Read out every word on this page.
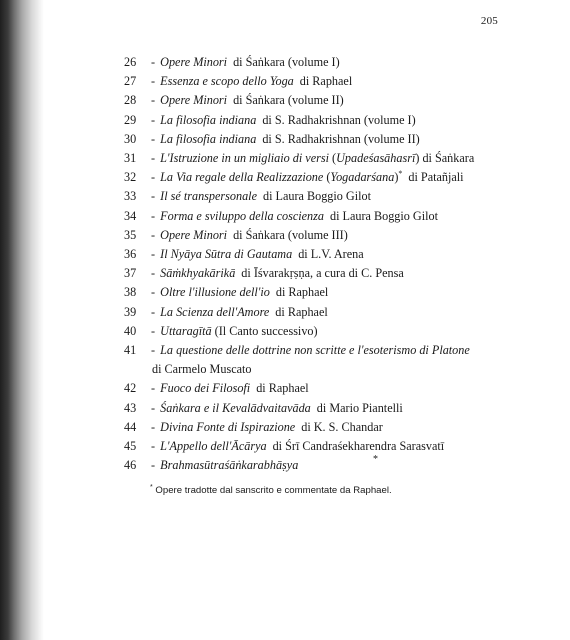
205
26 - Opere Minori di Śaṅkara (volume I)
27 - Essenza e scopo dello Yoga di Raphael
28 - Opere Minori di Śaṅkara (volume II)
29 - La filosofia indiana di S. Radhakrishnan (volume I)
30 - La filosofia indiana di S. Radhakrishnan (volume II)
31 - L'Istruzione in un migliaio di versi (Upadeśasāhasrī) di Śaṅkara
32 - La Via regale della Realizzazione (Yogadarśana)* di Patañjali
33 - Il sé transpersonale di Laura Boggio Gilot
34 - Forma e sviluppo della coscienza di Laura Boggio Gilot
35 - Opere Minori di Śaṅkara (volume III)
36 - Il Nyāya Sūtra di Gautama di L.V. Arena
37 - Sāṁkhyakārikā di Īśvarakṛṣṇa, a cura di C. Pensa
38 - Oltre l'illusione dell'io di Raphael
39 - La Scienza dell'Amore di Raphael
40 - Uttaragītā (Il Canto successivo)
41 - La questione delle dottrine non scritte e l'esoterismo di Platone
di Carmelo Muscato
42 - Fuoco dei Filosofi di Raphael
43 - Śaṅkara e il Kevalādvaitavāda di Mario Piantelli
44 - Divina Fonte di Ispirazione di K. S. Chandar
45 - L'Appello dell'Ācārya di Śrī Candraśekharendra Sarasvatī
46 - Brahmasūtraśāṅkarabhāṣya	*
* Opere tradotte dal sanscrito e commentate da Raphael.
